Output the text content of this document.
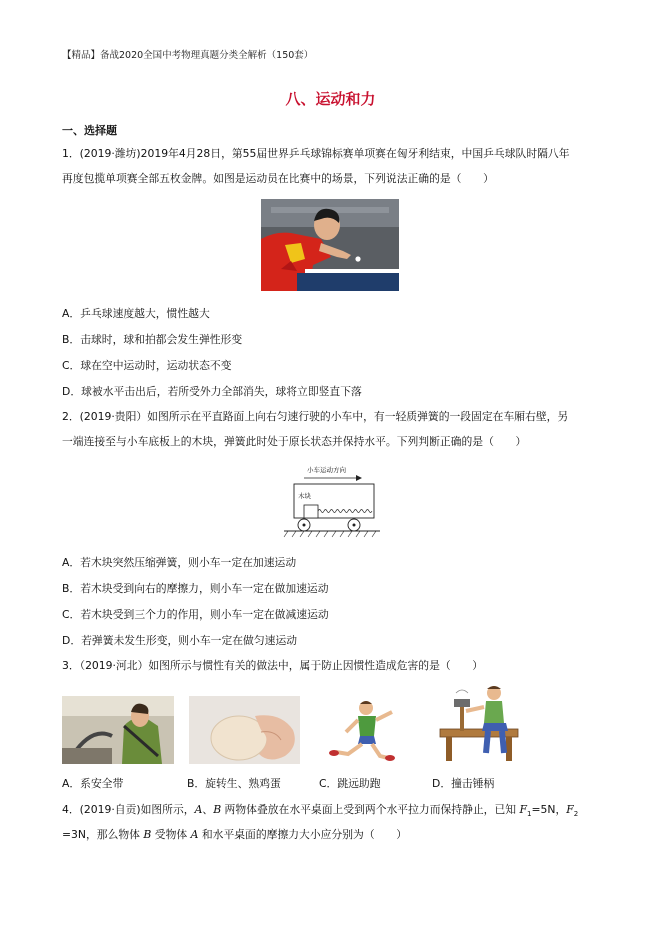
【精品】备战2020全国中考物理真题分类全解析（150套）
八、运动和力
一、选择题
1．(2019·潍坊)2019年4月28日，第55届世界乒乓球锦标赛单项赛在匈牙利结束，中国乒乓球队时隔八年
再度包揽单项赛全部五枚金牌。如图是运动员在比赛中的场景，下列说法正确的是（　　）
A．乒乓球速度越大，惯性越大
B．击球时，球和拍都会发生弹性形变
C．球在空中运动时，运动状态不变
D．球被水平击出后，若所受外力全部消失，球将立即竖直下落
2．(2019·贵阳）如图所示在平直路面上向右匀速行驶的小车中，有一轻质弹簧的一段固定在车厢右壁，另
一端连接至与小车底板上的木块，弹簧此时处于原长状态并保持水平。下列判断正确的是（　　）
小车运动方向
木块
A．若木块突然压缩弹簧，则小车一定在加速运动
B．若木块受到向右的摩擦力，则小车一定在做加速运动
C．若木块受到三个力的作用，则小车一定在做减速运动
D．若弹簧未发生形变，则小车一定在做匀速运动
3．（2019·河北）如图所示与惯性有关的做法中，属于防止因惯性造成危害的是（　　）
A．系安全带	B．旋转生、熟鸡蛋	C．跳远助跑	D．撞击锤柄
4．(2019·自贡)如图所示，A、B 两物体叠放在水平桌面上受到两个水平拉力而保持静止，已知 $F_1=5N$，$F_2$
=3N，那么物体 B 受物体 A 和水平桌面的摩擦力大小应分别为（　　）
